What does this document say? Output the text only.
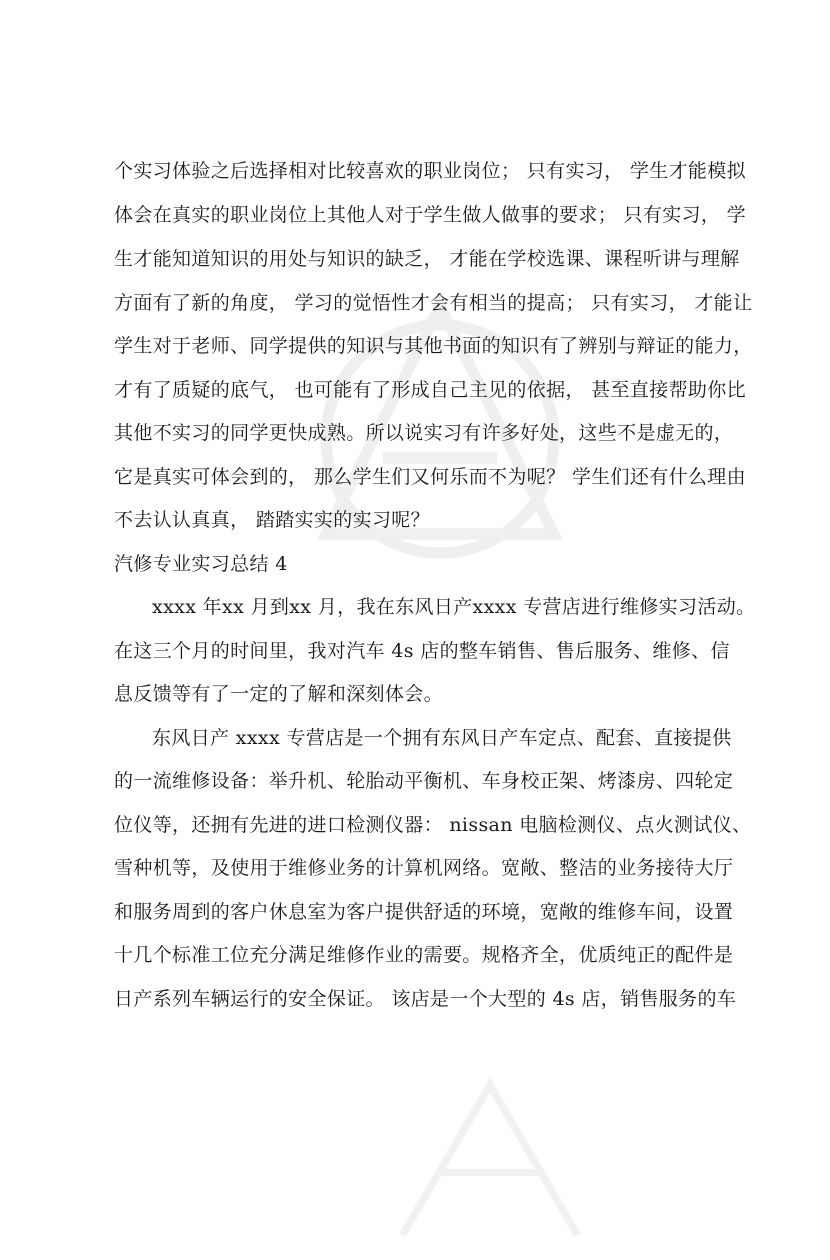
个实习体验之后选择相对比较喜欢的职业岗位； 只有实习， 学生才能模拟
体会在真实的职业岗位上其他人对于学生做人做事的要求； 只有实习， 学
生才能知道知识的用处与知识的缺乏， 才能在学校选课、课程听讲与理解
方面有了新的角度， 学习的觉悟性才会有相当的提高； 只有实习， 才能让
学生对于老师、同学提供的知识与其他书面的知识有了辨别与辩证的能力，
才有了质疑的底气， 也可能有了形成自己主见的依据， 甚至直接帮助你比
其他不实习的同学更快成熟。所以说实习有许多好处，这些不是虚无的，
它是真实可体会到的， 那么学生们又何乐而不为呢？ 学生们还有什么理由
不去认认真真， 踏踏实实的实习呢？
汽修专业实习总结 4
xxxx 年xx 月到xx 月，我在东风日产xxxx 专营店进行维修实习活动。
在这三个月的时间里，我对汽车 4s 店的整车销售、售后服务、维修、信
息反馈等有了一定的了解和深刻体会。
东风日产 xxxx 专营店是一个拥有东风日产车定点、配套、直接提供
的一流维修设备：举升机、轮胎动平衡机、车身校正架、烤漆房、四轮定
位仪等，还拥有先进的进口检测仪器： nissan 电脑检测仪、点火测试仪、
雪种机等，及使用于维修业务的计算机网络。宽敞、整洁的业务接待大厅
和服务周到的客户休息室为客户提供舒适的环境，宽敞的维修车间，设置
十几个标准工位充分满足维修作业的需要。规格齐全，优质纯正的配件是
日产系列车辆运行的安全保证。 该店是一个大型的 4s 店，销售服务的车
